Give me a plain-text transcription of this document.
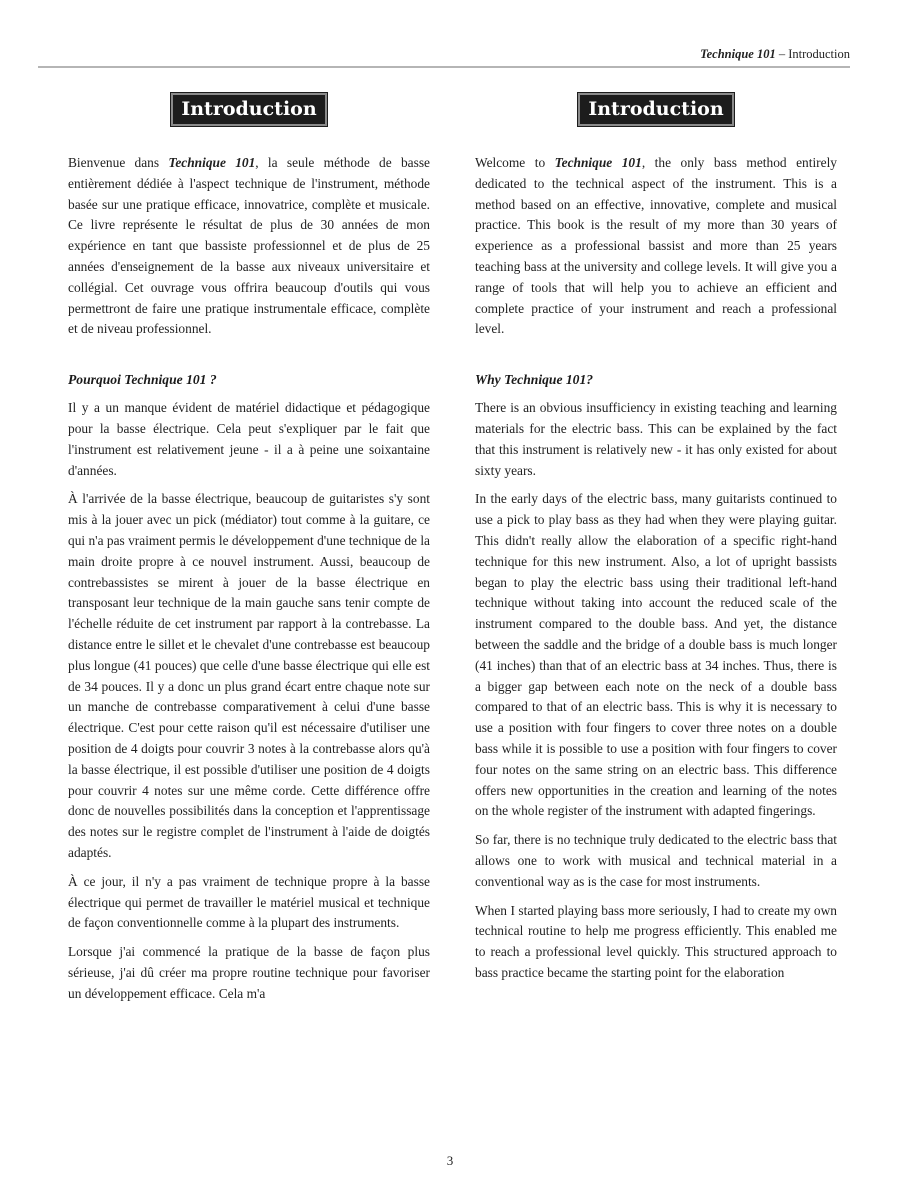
Technique 101 – Introduction
Introduction

Bienvenue dans Technique 101, la seule méthode de basse entièrement dédiée à l'aspect technique de l'instrument, méthode basée sur une pratique efficace, innovatrice, complète et musicale. Ce livre représente le résultat de plus de 30 années de mon expérience en tant que bassiste professionnel et de plus de 25 années d'enseignement de la basse aux niveaux universitaire et collégial. Cet ouvrage vous offrira beaucoup d'outils qui vous permettront de faire une pratique instrumentale efficace, complète et de niveau professionnel.

Pourquoi Technique 101 ?

Il y a un manque évident de matériel didactique et pédagogique pour la basse électrique. Cela peut s'expliquer par le fait que l'instrument est relativement jeune - il a à peine une soixantaine d'années.

À l'arrivée de la basse électrique, beaucoup de guitaristes s'y sont mis à la jouer avec un pick (médiator) tout comme à la guitare, ce qui n'a pas vraiment permis le développement d'une technique de la main droite propre à ce nouvel instrument. Aussi, beaucoup de contrebassistes se mirent à jouer de la basse électrique en transposant leur technique de la main gauche sans tenir compte de l'échelle réduite de cet instrument par rapport à la contrebasse. La distance entre le sillet et le chevalet d'une contrebasse est beaucoup plus longue (41 pouces) que celle d'une basse électrique qui elle est de 34 pouces. Il y a donc un plus grand écart entre chaque note sur un manche de contrebasse comparativement à celui d'une basse électrique. C'est pour cette raison qu'il est nécessaire d'utiliser une position de 4 doigts pour couvrir 3 notes à la contrebasse alors qu'à la basse électrique, il est possible d'utiliser une position de 4 doigts pour couvrir 4 notes sur une même corde. Cette différence offre donc de nouvelles possibilités dans la conception et l'apprentissage des notes sur le registre complet de l'instrument à l'aide de doigtés adaptés.

À ce jour, il n'y a pas vraiment de technique propre à la basse électrique qui permet de travailler le matériel musical et technique de façon conventionnelle comme à la plupart des instruments.

Lorsque j'ai commencé la pratique de la basse de façon plus sérieuse, j'ai dû créer ma propre routine technique pour favoriser un développement efficace. Cela m'a

Introduction

Welcome to Technique 101, the only bass method entirely dedicated to the technical aspect of the instrument. This is a method based on an effective, innovative, complete and musical practice. This book is the result of my more than 30 years of experience as a professional bassist and more than 25 years teaching bass at the university and college levels. It will give you a range of tools that will help you to achieve an efficient and complete practice of your instrument and reach a professional level.

Why Technique 101?

There is an obvious insufficiency in existing teaching and learning materials for the electric bass. This can be explained by the fact that this instrument is relatively new - it has only existed for about sixty years.

In the early days of the electric bass, many guitarists continued to use a pick to play bass as they had when they were playing guitar. This didn't really allow the elaboration of a specific right-hand technique for this new instrument. Also, a lot of upright bassists began to play the electric bass using their traditional left-hand technique without taking into account the reduced scale of the instrument compared to the double bass. And yet, the distance between the saddle and the bridge of a double bass is much longer (41 inches) than that of an electric bass at 34 inches. Thus, there is a bigger gap between each note on the neck of a double bass compared to that of an electric bass. This is why it is necessary to use a position with four fingers to cover three notes on a double bass while it is possible to use a position with four fingers to cover four notes on the same string on an electric bass. This difference offers new opportunities in the creation and learning of the notes on the whole register of the instrument with adapted fingerings.

So far, there is no technique truly dedicated to the electric bass that allows one to work with musical and technical material in a conventional way as is the case for most instruments.

When I started playing bass more seriously, I had to create my own technical routine to help me progress efficiently. This enabled me to reach a professional level quickly. This structured approach to bass practice became the starting point for the elaboration

3
